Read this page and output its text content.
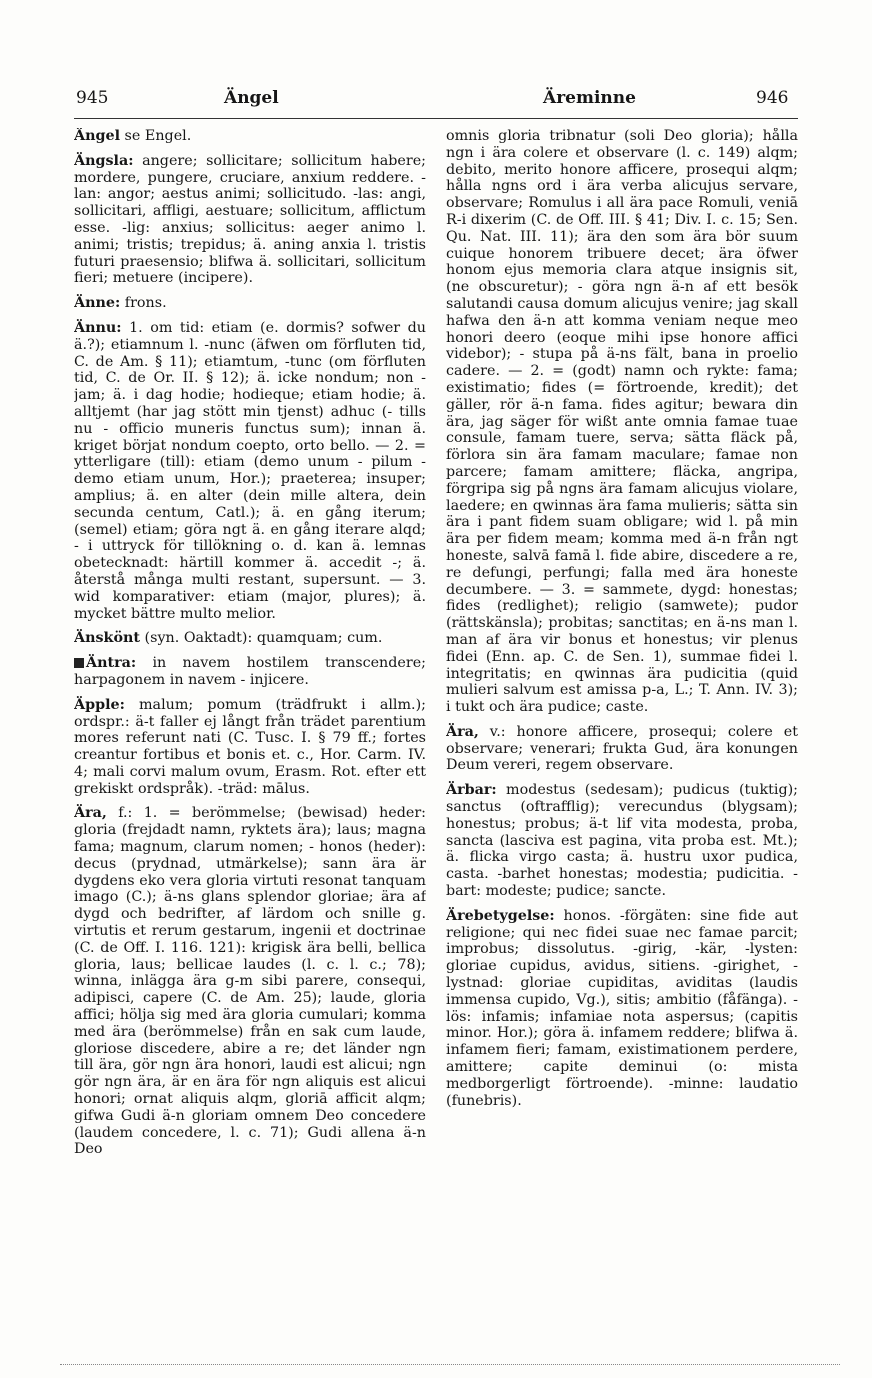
945	Ängel	Äreminne	946

Ängel se Engel.

Ängsla: angere; sollicitare; sollicitum habere; mordere, pungere, cruciare, anxium reddere. -lan: angor; aestus animi; sollicitudo. -las: angi, sollicitari, affligi, aestuare; sollicitum, afflictum esse. -lig: anxius; sollicitus: aeger animo l. animi; tristis; trepidus; ä. aning anxia l. tristis futuri praesensio; blifwa ä. sollicitari, sollicitum fieri; metuere (incipere).

Änne: frons.

Ännu: 1. om tid: etiam (e. dormis? sofwer du ä.?); etiamnum l. -nunc (äfwen om förfluten tid, C. de Am. § 11); etiamtum, -tunc (om förfluten tid, C. de Or. II. § 12); ä. icke nondum; non - jam; ä. i dag hodie; hodieque; etiam hodie; ä. alltjemt (har jag stött min tjenst) adhuc (- tills nu - officio muneris functus sum); innan ä. kriget börjat nondum coepto, orto bello. — 2. = ytterligare (till): etiam (demo unum - pilum - demo etiam unum, Hor.); praeterea; insuper; amplius; ä. en alter (dein mille altera, dein secunda centum, Catl.); ä. en gång iterum; (semel) etiam; göra ngt ä. en gång iterare alqd; - i uttryck för tillökning o. d. kan ä. lemnas obetecknadt: härtill kommer ä. accedit -; ä. återstå många multi restant, supersunt. — 3. wid komparativer: etiam (major, plures); ä. mycket bättre multo melior.

Änskönt (syn. Oaktadt): quamquam; cum.

Äntra: in navem hostilem transcendere; harpagonem in navem - injicere.

Äpple: malum; pomum (trädfrukt i allm.); ordspr.: ä-t faller ej långt från trädet parentium mores referunt nati (C. Tusc. I. § 79 ff.; fortes creantur fortibus et bonis et. c., Hor. Carm. IV. 4; mali corvi malum ovum, Erasm. Rot. efter ett grekiskt ordspråk). -träd: mālus.

Ära, f.: 1. = berömmelse; (bewisad) heder: gloria (frejdadt namn, ryktets ära); laus; magna fama; magnum, clarum nomen; - honos (heder): decus (prydnad, utmärkelse); sann ära är dygdens eko vera gloria virtuti resonat tanquam imago (C.); ä-ns glans splendor gloriae; ära af dygd och bedrifter, af lärdom och snille g. virtutis et rerum gestarum, ingenii et doctrinae (C. de Off. I. 116. 121): krigisk ära belli, bellica gloria, laus; bellicae laudes (l. c. l. c.; 78); winna, inlägga ära g-m sibi parere, consequi, adipisci, capere (C. de Am. 25); laude, gloria affici; hölja sig med ära gloria cumulari; komma med ära (berömmelse) från en sak cum laude, gloriose discedere, abire a re; det länder ngn till ära, gör ngn ära honori, laudi est alicui; ngn gör ngn ära, är en ära för ngn aliquis est alicui honori; ornat aliquis alqm, gloriā afficit alqm; gifwa Gudi ä-n gloriam omnem Deo concedere (laudem concedere, l. c. 71); Gudi allena ä-n Deo

omnis gloria tribnatur (soli Deo gloria); hålla ngn i ära colere et observare (l. c. 149) alqm; debito, merito honore afficere, prosequi alqm; hålla ngns ord i ära verba alicujus servare, observare; Romulus i all ära pace Romuli, veniā R-i dixerim (C. de Off. III. § 41; Div. I. c. 15; Sen. Qu. Nat. III. 11); ära den som ära bör suum cuique honorem tribuere decet; ära öfwer honom ejus memoria clara atque insignis sit, (ne obscuretur); - göra ngn ä-n af ett besök salutandi causa domum alicujus venire; jag skall hafwa den ä-n att komma veniam neque meo honori deero (eoque mihi ipse honore affici videbor); - stupa på ä-ns fält, bana in proelio cadere. — 2. = (godt) namn och rykte: fama; existimatio; fides (= förtroende, kredit); det gäller, rör ä-n fama. fides agitur; bewara din ära, jag säger för wißt ante omnia famae tuae consule, famam tuere, serva; sätta fläck på, förlora sin ära famam maculare; famae non parcere; famam amittere; fläcka, angripa, förgripa sig på ngns ära famam alicujus violare, laedere; en qwinnas ära fama mulieris; sätta sin ära i pant fidem suam obligare; wid l. på min ära per fidem meam; komma med ä-n från ngt honeste, salvā famā l. fide abire, discedere a re, re defungi, perfungi; falla med ära honeste decumbere. — 3. = sammete, dygd: honestas; fides (redlighet); religio (samwete); pudor (rättskänsla); probitas; sanctitas; en ä-ns man l. man af ära vir bonus et honestus; vir plenus fidei (Enn. ap. C. de Sen. 1), summae fidei l. integritatis; en qwinnas ära pudicitia (quid mulieri salvum est amissa p-a, L.; T. Ann. IV. 3); i tukt och ära pudice; caste.

Ära, v.: honore afficere, prosequi; colere et observare; venerari; frukta Gud, ära konungen Deum vereri, regem observare.

Ärbar: modestus (sedesam); pudicus (tuktig); sanctus (oftrafflig); verecundus (blygsam); honestus; probus; ä-t lif vita modesta, proba, sancta (lasciva est pagina, vita proba est. Mt.); ä. flicka virgo casta; ä. hustru uxor pudica, casta. -barhet honestas; modestia; pudicitia. -bart: modeste; pudice; sancte.

Ärebetygelse: honos. -förgäten: sine fide aut religione; qui nec fidei suae nec famae parcit; improbus; dissolutus. -girig, -kär, -lysten: gloriae cupidus, avidus, sitiens. -girighet, -lystnad: gloriae cupiditas, aviditas (laudis immensa cupido, Vg.), sitis; ambitio (fåfänga). -lös: infamis; infamiae nota aspersus; (capitis minor. Hor.); göra ä. infamem reddere; blifwa ä. infamem fieri; famam, existimationem perdere, amittere; capite deminui (o: mista medborgerligt förtroende). -minne: laudatio (funebris).
